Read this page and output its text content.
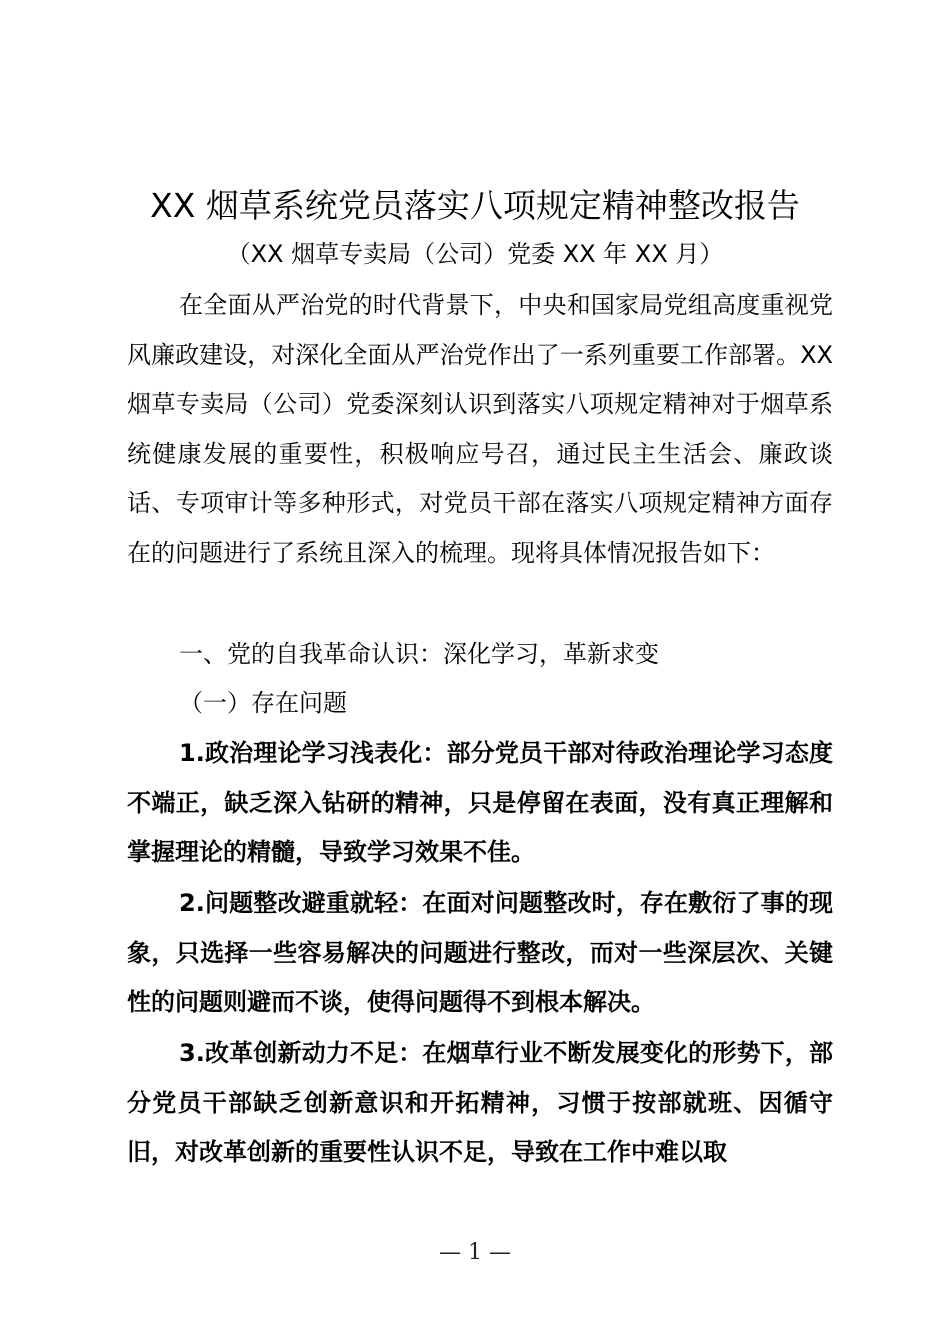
XX 烟草系统党员落实八项规定精神整改报告
（XX 烟草专卖局（公司）党委 XX 年 XX 月）

在全面从严治党的时代背景下，中央和国家局党组高度重视党风廉政建设，对深化全面从严治党作出了一系列重要工作部署。XX 烟草专卖局（公司）党委深刻认识到落实八项规定精神对于烟草系统健康发展的重要性，积极响应号召，通过民主生活会、廉政谈话、专项审计等多种形式，对党员干部在落实八项规定精神方面存在的问题进行了系统且深入的梳理。现将具体情况报告如下：

一、党的自我革命认识：深化学习，革新求变

（一）存在问题

1.政治理论学习浅表化：部分党员干部对待政治理论学习态度不端正，缺乏深入钻研的精神，只是停留在表面，没有真正理解和掌握理论的精髓，导致学习效果不佳。

2.问题整改避重就轻：在面对问题整改时，存在敷衍了事的现象，只选择一些容易解决的问题进行整改，而对一些深层次、关键性的问题则避而不谈，使得问题得不到根本解决。

3.改革创新动力不足：在烟草行业不断发展变化的形势下，部分党员干部缺乏创新意识和开拓精神，习惯于按部就班、因循守旧，对改革创新的重要性认识不足，导致在工作中难以取

— 1 —
